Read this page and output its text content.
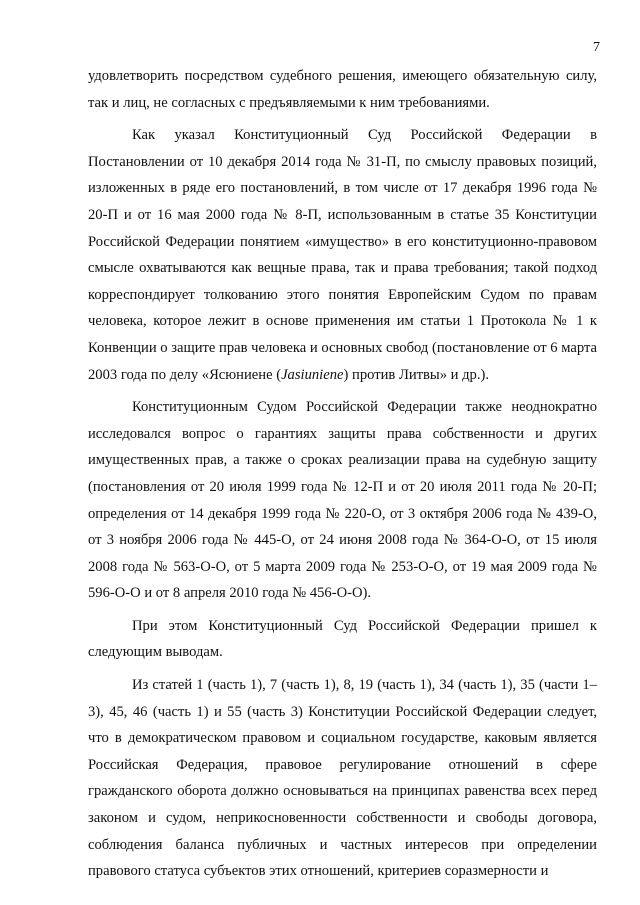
7

удовлетворить посредством судебного решения, имеющего обязательную силу, так и лиц, не согласных с предъявляемыми к ним требованиями.

Как указал Конституционный Суд Российской Федерации в Постановлении от 10 декабря 2014 года № 31-П, по смыслу правовых позиций, изложенных в ряде его постановлений, в том числе от 17 декабря 1996 года № 20-П и от 16 мая 2000 года № 8-П, использованным в статье 35 Конституции Российской Федерации понятием «имущество» в его конституционно-правовом смысле охватываются как вещные права, так и права требования; такой подход корреспондирует толкованию этого понятия Европейским Судом по правам человека, которое лежит в основе применения им статьи 1 Протокола № 1 к Конвенции о защите прав человека и основных свобод (постановление от 6 марта 2003 года по делу «Ясюниене (Jasiuniene) против Литвы» и др.).

Конституционным Судом Российской Федерации также неоднократно исследовался вопрос о гарантиях защиты права собственности и других имущественных прав, а также о сроках реализации права на судебную защиту (постановления от 20 июля 1999 года № 12-П и от 20 июля 2011 года № 20-П; определения от 14 декабря 1999 года № 220-О, от 3 октября 2006 года № 439-О, от 3 ноября 2006 года № 445-О, от 24 июня 2008 года № 364-О-О, от 15 июля 2008 года № 563-О-О, от 5 марта 2009 года № 253-О-О, от 19 мая 2009 года № 596-О-О и от 8 апреля 2010 года № 456-О-О).

При этом Конституционный Суд Российской Федерации пришел к следующим выводам.

Из статей 1 (часть 1), 7 (часть 1), 8, 19 (часть 1), 34 (часть 1), 35 (части 1–3), 45, 46 (часть 1) и 55 (часть 3) Конституции Российской Федерации следует, что в демократическом правовом и социальном государстве, каковым является Российская Федерация, правовое регулирование отношений в сфере гражданского оборота должно основываться на принципах равенства всех перед законом и судом, неприкосновенности собственности и свободы договора, соблюдения баланса публичных и частных интересов при определении правового статуса субъектов этих отношений, критериев соразмерности и
